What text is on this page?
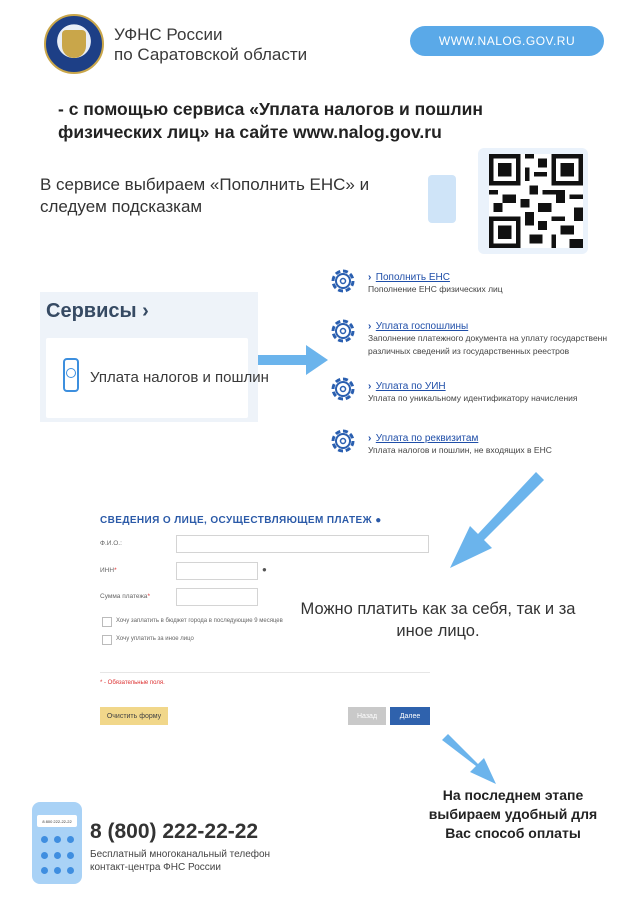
УФНС России
по Саратовской области
WWW.NALOG.GOV.RU
- с помощью сервиса «Уплата налогов и пошлин физических лиц» на сайте www.nalog.gov.ru
В сервисе выбираем «Пополнить ЕНС» и следуем подсказкам
Сервисы ›
Уплата налогов и пошлин
› Пополнить ЕНС
Пополнение ЕНС физических лиц
› Уплата госпошлины
Заполнение платежного документа на уплату государственн различных сведений из государственных реестров
› Уплата по УИН
Уплата по уникальному идентификатору начисления
› Уплата по реквизитам
Уплата налогов и пошлин, не входящих в ЕНС
СВЕДЕНИЯ О ЛИЦЕ, ОСУЩЕСТВЛЯЮЩЕМ ПЛАТЕЖ ●
Ф.И.О.:
ИНН*	●
Сумма платежа*
Хочу заплатить в бюджет города в последующие 9 месяцев
Хочу уплатить за иное лицо
* - Обязательные поля.
Очистить форму	Назад	Далее
Можно платить как за себя, так и за иное лицо.
На последнем этапе выбираем удобный для Вас способ оплаты
8 800 222-22-22 8 (800) 222-22-22
Бесплатный многоканальный телефон
контакт-центра ФНС России
